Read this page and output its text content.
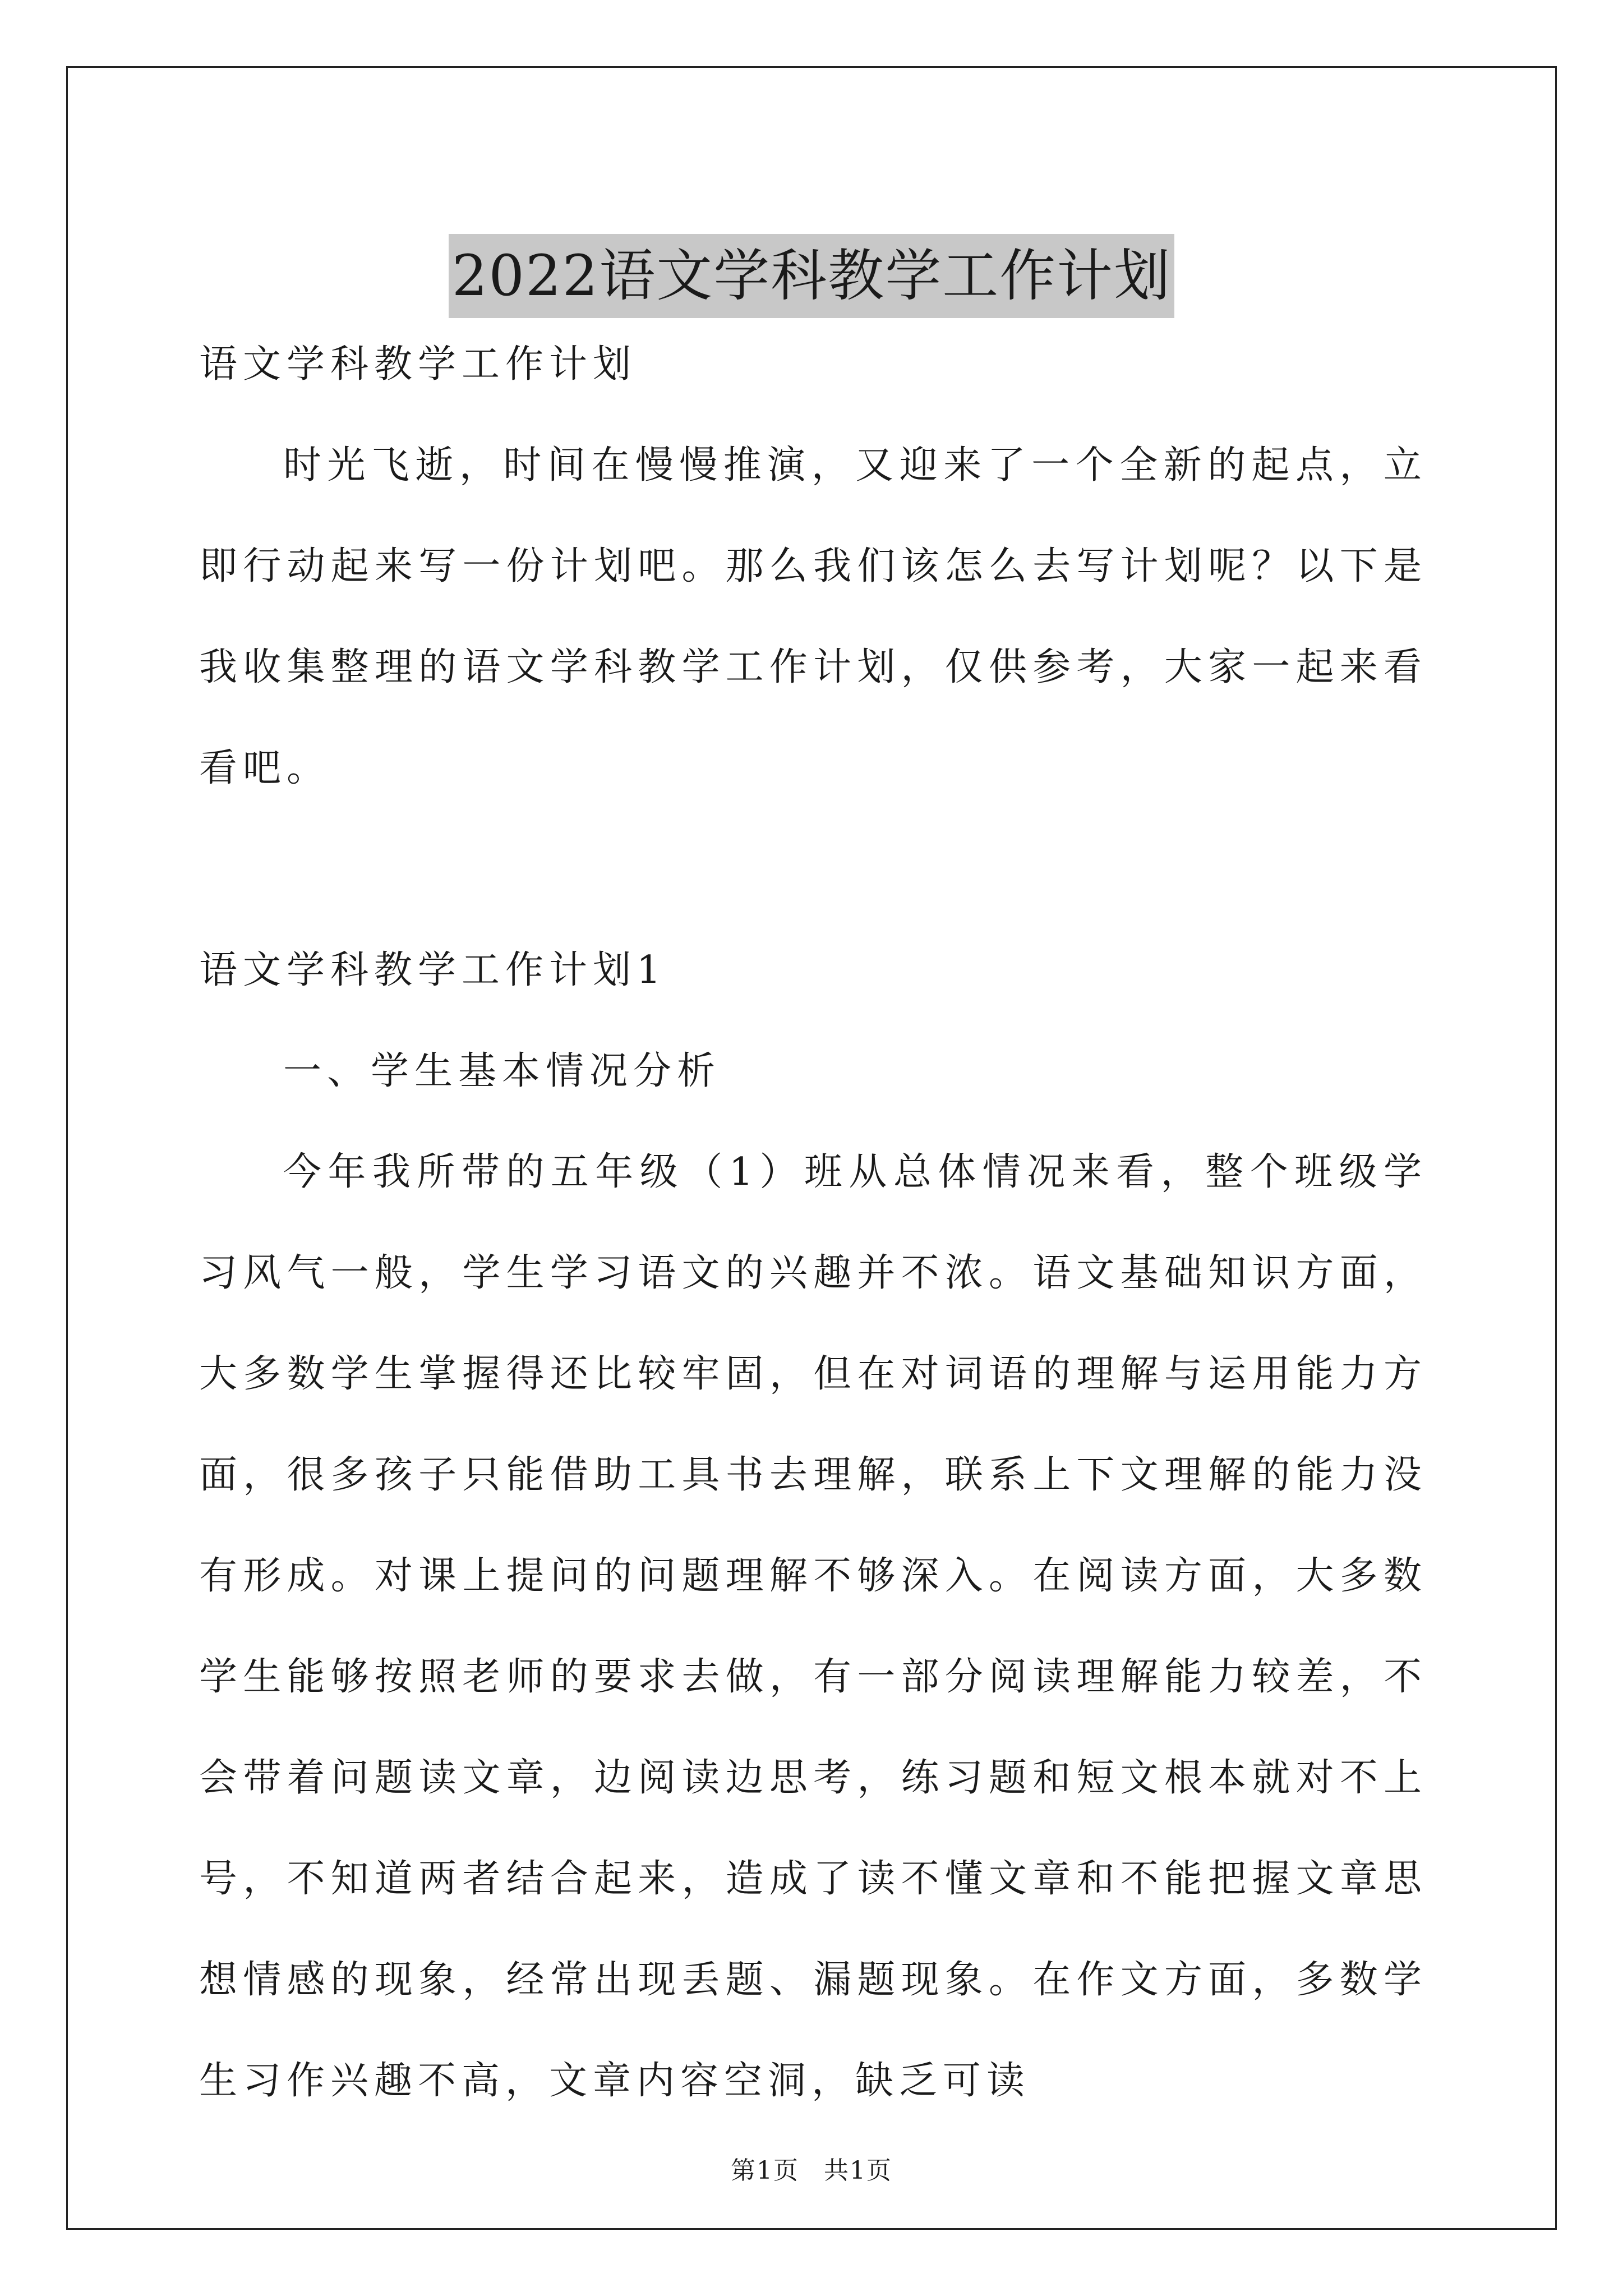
2022语文学科教学工作计划

语文学科教学工作计划

时光飞逝，时间在慢慢推演，又迎来了一个全新的起点，立即行动起来写一份计划吧。那么我们该怎么去写计划呢？以下是我收集整理的语文学科教学工作计划，仅供参考，大家一起来看看吧。

语文学科教学工作计划1

一、学生基本情况分析

今年我所带的五年级（1）班从总体情况来看，整个班级学习风气一般，学生学习语文的兴趣并不浓。语文基础知识方面，大多数学生掌握得还比较牢固，但在对词语的理解与运用能力方面，很多孩子只能借助工具书去理解，联系上下文理解的能力没有形成。对课上提问的问题理解不够深入。在阅读方面，大多数学生能够按照老师的要求去做，有一部分阅读理解能力较差，不会带着问题读文章，边阅读边思考，练习题和短文根本就对不上号，不知道两者结合起来，造成了读不懂文章和不能把握文章思想情感的现象，经常出现丢题、漏题现象。在作文方面，多数学生习作兴趣不高，文章内容空洞，缺乏可读

第1页 共1页
